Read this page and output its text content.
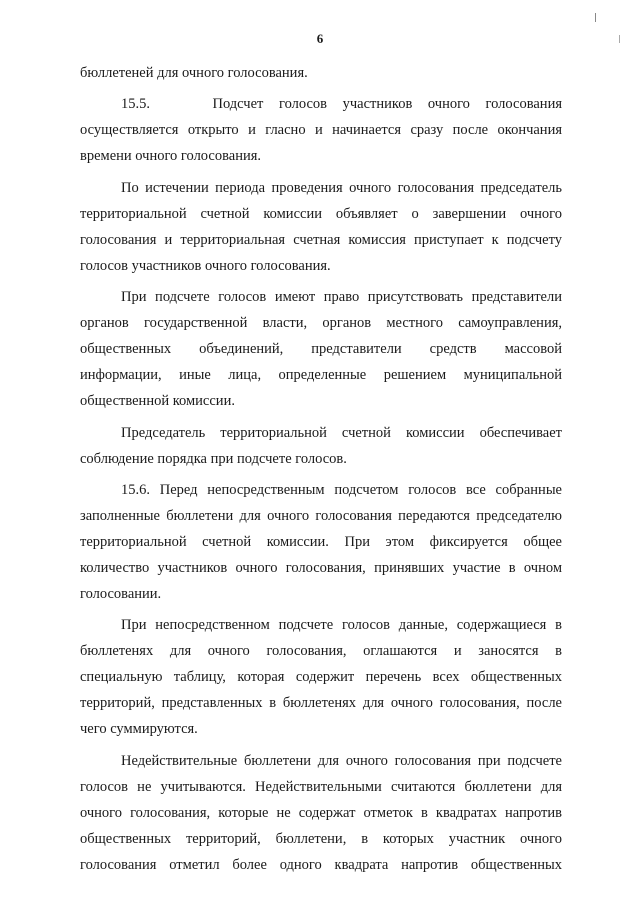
6

бюллетеней для очного голосования.

15.5.    Подсчет голосов участников очного голосования

осуществляется открыто и гласно и начинается сразу после окончания

времени очного голосования.

По истечении периода проведения очного голосования председатель

территориальной счетной комиссии объявляет о завершении очного

голосования и территориальная счетная комиссия приступает к подсчету

голосов участников очного голосования.

При подсчете голосов имеют право присутствовать представители

органов государственной власти, органов местного самоуправления,

общественных объединений, представители средств массовой

информации, иные лица, определенные решением муниципальной

общественной комиссии.

Председатель территориальной счетной комиссии обеспечивает

соблюдение порядка при подсчете голосов.

15.6. Перед непосредственным подсчетом голосов все собранные

заполненные бюллетени для очного голосования передаются председателю

территориальной счетной комиссии. При этом фиксируется общее

количество участников очного голосования, принявших участие в очном

голосовании.

При непосредственном подсчете голосов данные, содержащиеся в

бюллетенях для очного голосования, оглашаются и заносятся в

специальную таблицу, которая содержит перечень всех общественных

территорий, представленных в бюллетенях для очного голосования, после

чего суммируются.

Недействительные бюллетени для очного голосования при подсчете

голосов не учитываются. Недействительными считаются бюллетени для

очного голосования, которые не содержат отметок в квадратах напротив

общественных территорий, бюллетени, в которых участник очного

голосования отметил более одного квадрата напротив общественных
